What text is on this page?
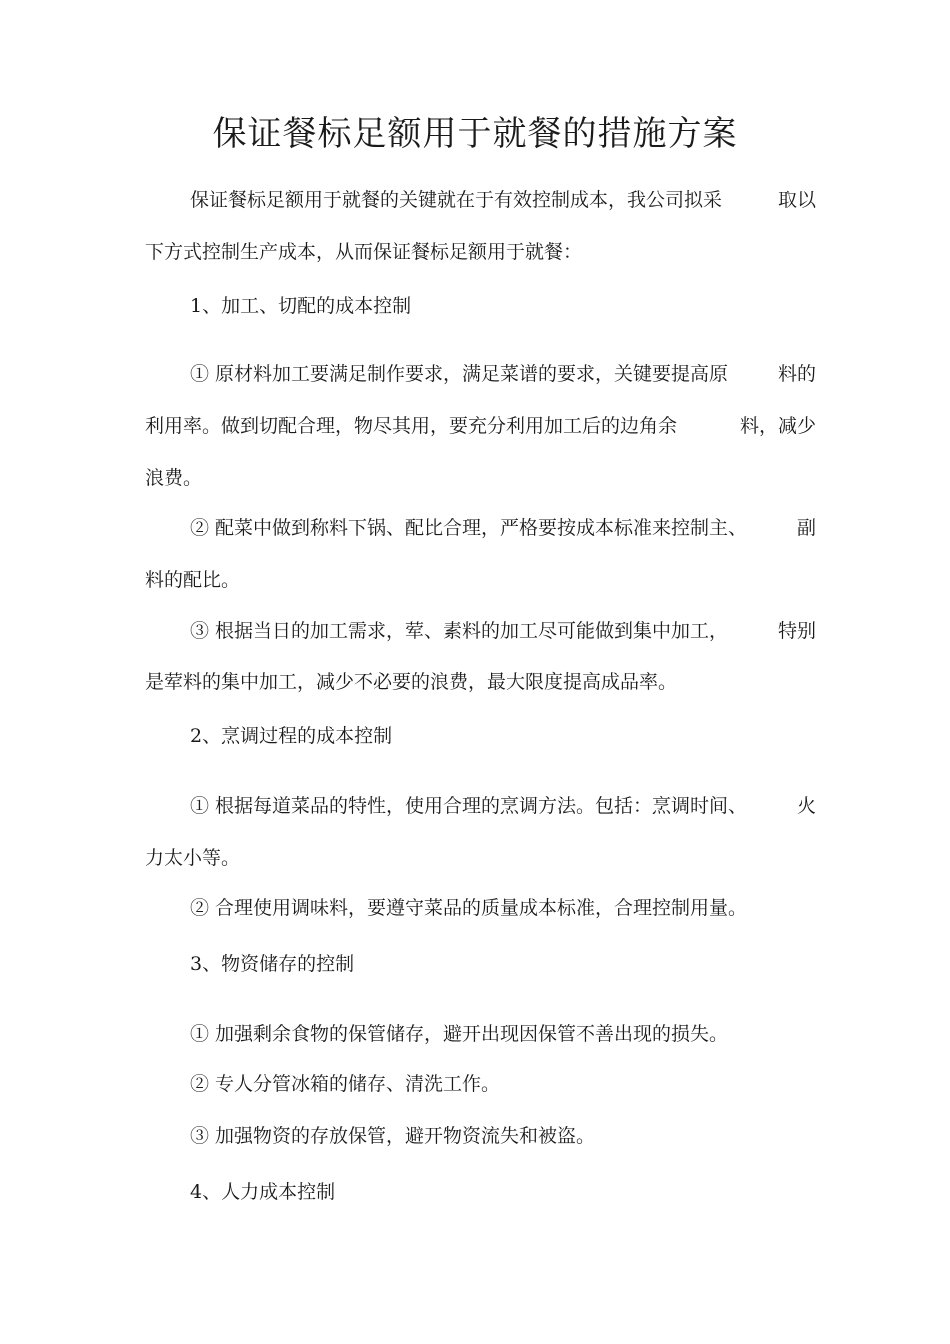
保证餐标足额用于就餐的措施方案
保证餐标足额用于就餐的关键就在于有效控制成本，我公司拟采	取以
下方式控制生产成本，从而保证餐标足额用于就餐：
1、加工、切配的成本控制
① 原材料加工要满足制作要求，满足菜谱的要求，关键要提高原	料的
利用率。做到切配合理，物尽其用，要充分利用加工后的边角余	料，减少
浪费。
② 配菜中做到称料下锅、配比合理，严格要按成本标准来控制主、	副
料的配比。
③ 根据当日的加工需求，荤、素料的加工尽可能做到集中加工，	特别
是荤料的集中加工，减少不必要的浪费，最大限度提高成品率。
2、烹调过程的成本控制
① 根据每道菜品的特性，使用合理的烹调方法。包括：烹调时间、	火
力太小等。
② 合理使用调味料，要遵守菜品的质量成本标准，合理控制用量。
3、物资储存的控制
① 加强剩余食物的保管储存，避开出现因保管不善出现的损失。
② 专人分管冰箱的储存、清洗工作。
③ 加强物资的存放保管，避开物资流失和被盗。
4、人力成本控制
